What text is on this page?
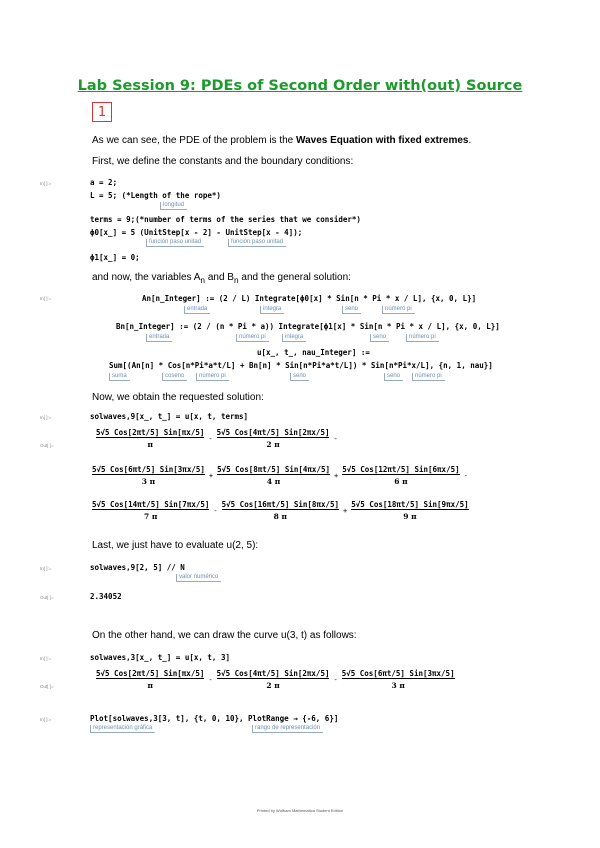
Lab Session 9: PDEs of Second Order with(out) Source
1
As we can see, the PDE of the problem is the Waves Equation with fixed extremes.
First, we define the constants and the boundary conditions:
In[ ]:=	a = 2;
L = 5; (*Length of the rope*)
longitud
terms = 9;(*number of terms of the series that we consider*)
ϕ0[x_] = 5 (UnitStep[x - 2] - UnitStep[x - 4]);
función paso unitad	función paso unitad
ϕ1[x_] = 0;
and now, the variables $A_n$ and $B_n$ and the general solution:
In[ ]:=	An[n_Integer] := (2 / L) Integrate[ϕ0[x] * Sin[n * Pi * x / L], {x, 0, L}]
entrada	integra	seno	número pi
Bn[n_Integer] := (2 / (n * Pi * a)) Integrate[ϕ1[x] * Sin[n * Pi * x / L], {x, 0, L}]
entrada	número pi	integra	seno	número pi
u[x_, t_, nau_Integer] :=
Sum[(An[n] * Cos[n*Pi*a*t/L] + Bn[n] * Sin[n*Pi*a*t/L]) * Sin[n*Pi*x/L], {n, 1, nau}]
suma	coseno	número pi	seno	seno	número pi
Now, we obtain the requested solution:
In[ ]:=	solwaves,9[x_, t_] = u[x, t, terms]
Out[ ]=	$\frac{\text{5√5 Cos[2πt/5] Sin[πx/5]}}{\pi} - \frac{\text{5√5 Cos[4πt/5] Sin[2πx/5]}}{2 \pi}$ -
$\frac{\text{5√5 Cos[6πt/5] Sin[3πx/5]}}{3 \pi} + \frac{\text{5√5 Cos[8πt/5] Sin[4πx/5]}}{4 \pi} + \frac{\text{5√5 Cos[12πt/5] Sin[6πx/5]}}{6 \pi}$ -
$\frac{\text{5√5 Cos[14πt/5] Sin[7πx/5]}}{7 \pi} - \frac{\text{5√5 Cos[16πt/5] Sin[8πx/5]}}{8 \pi} + \frac{\text{5√5 Cos[18πt/5] Sin[9πx/5]}}{9 \pi}$
Last, we just have to evaluate u(2, 5):
In[ ]:=	solwaves,9[2, 5] // N
valor numérico
Out[ ]=	2.34052
On the other hand, we can draw the curve u(3, t) as follows:
In[ ]:=	solwaves,3[x_, t_] = u[x, t, 3]
Out[ ]=	$\frac{\text{5√5 Cos[2πt/5] Sin[πx/5]}}{\pi} - \frac{\text{5√5 Cos[4πt/5] Sin[2πx/5]}}{2 \pi} - \frac{\text{5√5 Cos[6πt/5] Sin[3πx/5]}}{3 \pi}$
In[ ]:=	Plot[solwaves,3[3, t], {t, 0, 10}, PlotRange → {-6, 6}]
representación gráfica	rango de representación
Printed by Wolfram Mathematica Student Edition
